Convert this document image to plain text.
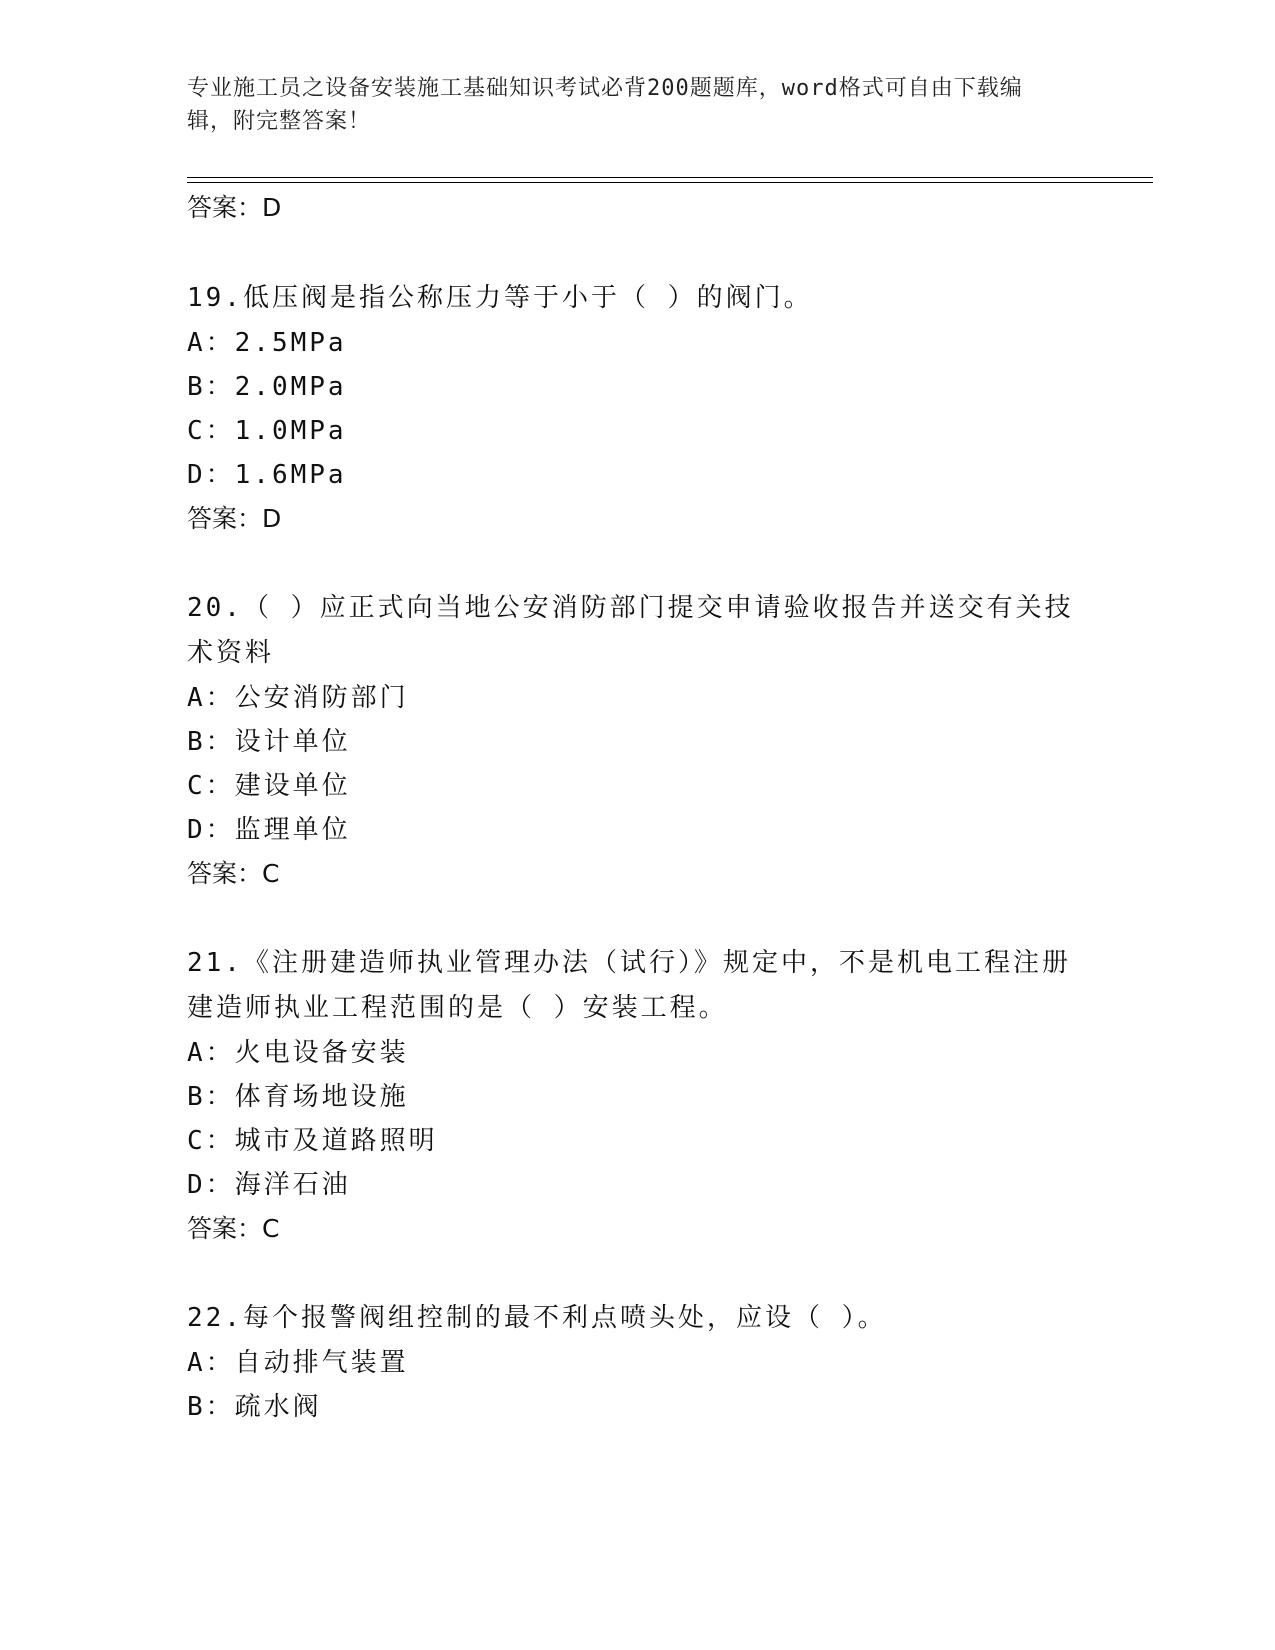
专业施工员之设备安装施工基础知识考试必背200题题库，word格式可自由下载编辑，附完整答案！
答案：D
19.低压阀是指公称压力等于小于（ ）的阀门。
A：2.5MPa
B：2.0MPa
C：1.0MPa
D：1.6MPa
答案：D
20.（ ）应正式向当地公安消防部门提交申请验收报告并送交有关技术资料
A：公安消防部门
B：设计单位
C：建设单位
D：监理单位
答案：C
21.《注册建造师执业管理办法（试行）》规定中，不是机电工程注册建造师执业工程范围的是（ ）安装工程。
A：火电设备安装
B：体育场地设施
C：城市及道路照明
D：海洋石油
答案：C
22.每个报警阀组控制的最不利点喷头处，应设（ ）。
A：自动排气装置
B：疏水阀
